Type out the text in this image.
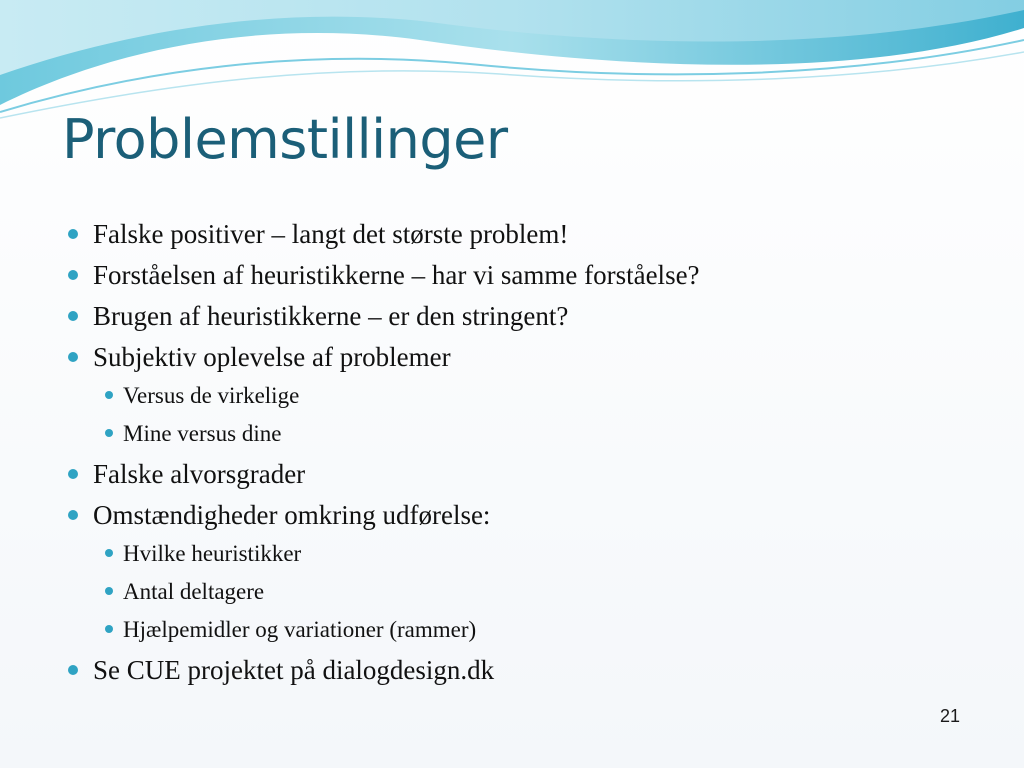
Problemstillinger
Falske positiver – langt det største problem!
Forståelsen af heuristikkerne – har vi samme forståelse?
Brugen af heuristikkerne – er den stringent?
Subjektiv oplevelse af problemer
Versus de virkelige
Mine versus dine
Falske alvorsgrader
Omstændigheder omkring udførelse:
Hvilke heuristikker
Antal deltagere
Hjælpemidler og variationer (rammer)
Se CUE projektet på dialogdesign.dk
21
